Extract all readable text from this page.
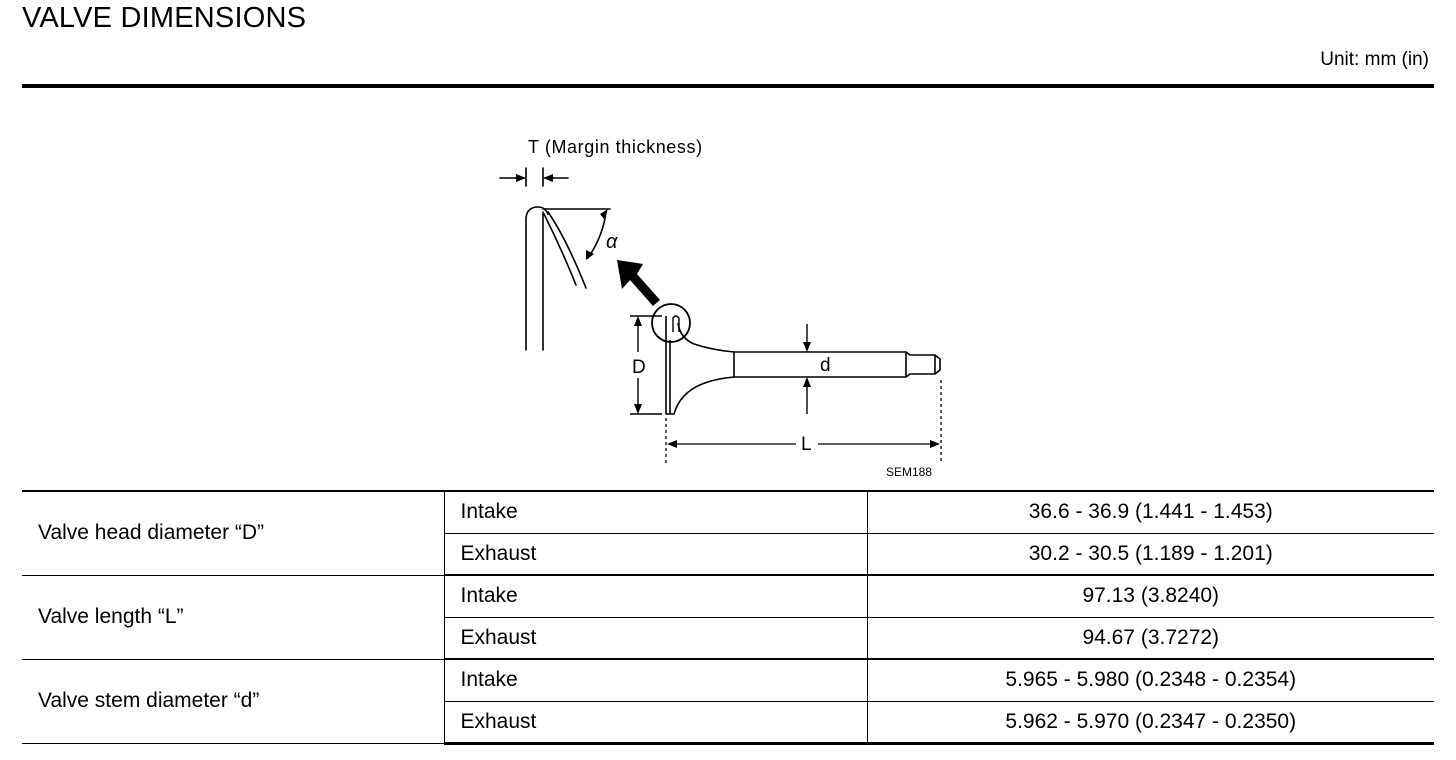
VALVE DIMENSIONS
Unit: mm (in)
α
D	d
L
T (Margin thickness)
SEM188
Valve head diameter “D”	Intake	36.6 - 36.9 (1.441 - 1.453)
	Exhaust	30.2 - 30.5 (1.189 - 1.201)
Valve length “L”	Intake	97.13 (3.8240)
	Exhaust	94.67 (3.7272)
Valve stem diameter “d”	Intake	5.965 - 5.980 (0.2348 - 0.2354)
	Exhaust	5.962 - 5.970 (0.2347 - 0.2350)
